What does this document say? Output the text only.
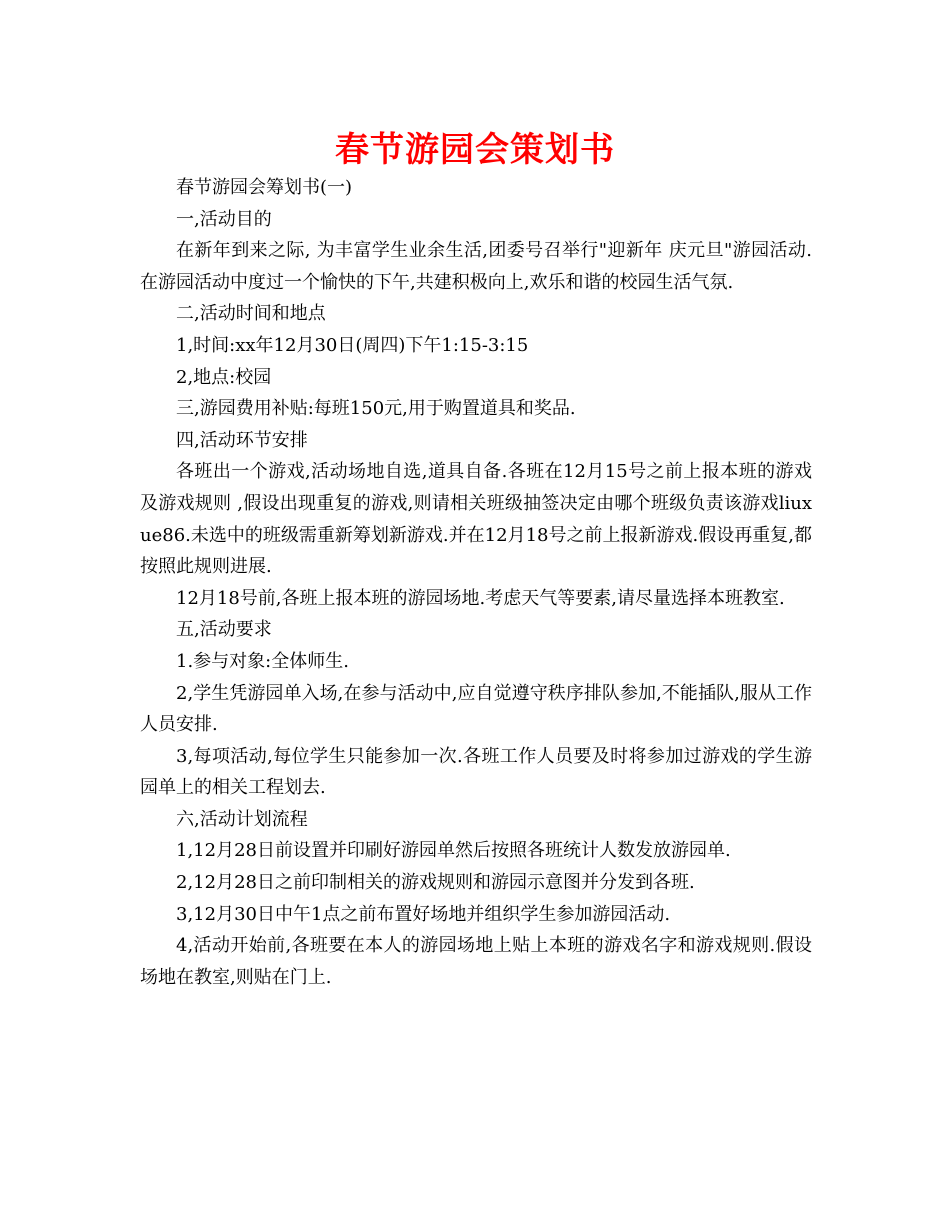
春节游园会策划书

春节游园会筹划书(一)

一,活动目的

在新年到来之际, 为丰富学生业余生活,团委号召举行"迎新年 庆元旦"游园活动.在游园活动中度过一个愉快的下午,共建积极向上,欢乐和谐的校园生活气氛.

二,活动时间和地点

1,时间:xx年12月30日(周四)下午1:15-3:15

2,地点:校园

三,游园费用补贴:每班150元,用于购置道具和奖品.

四,活动环节安排

各班出一个游戏,活动场地自选,道具自备.各班在12月15号之前上报本班的游戏及游戏规则 ,假设出现重复的游戏,则请相关班级抽签决定由哪个班级负责该游戏liuxue86.未选中的班级需重新筹划新游戏.并在12月18号之前上报新游戏.假设再重复,都按照此规则进展.

12月18号前,各班上报本班的游园场地.考虑天气等要素,请尽量选择本班教室.

五,活动要求

1.参与对象:全体师生.

2,学生凭游园单入场,在参与活动中,应自觉遵守秩序排队参加,不能插队,服从工作人员安排.

3,每项活动,每位学生只能参加一次.各班工作人员要及时将参加过游戏的学生游园单上的相关工程划去.

六,活动计划流程

1,12月28日前设置并印刷好游园单然后按照各班统计人数发放游园单.

2,12月28日之前印制相关的游戏规则和游园示意图并分发到各班.

3,12月30日中午1点之前布置好场地并组织学生参加游园活动.

4,活动开始前,各班要在本人的游园场地上贴上本班的游戏名字和游戏规则.假设场地在教室,则贴在门上.
